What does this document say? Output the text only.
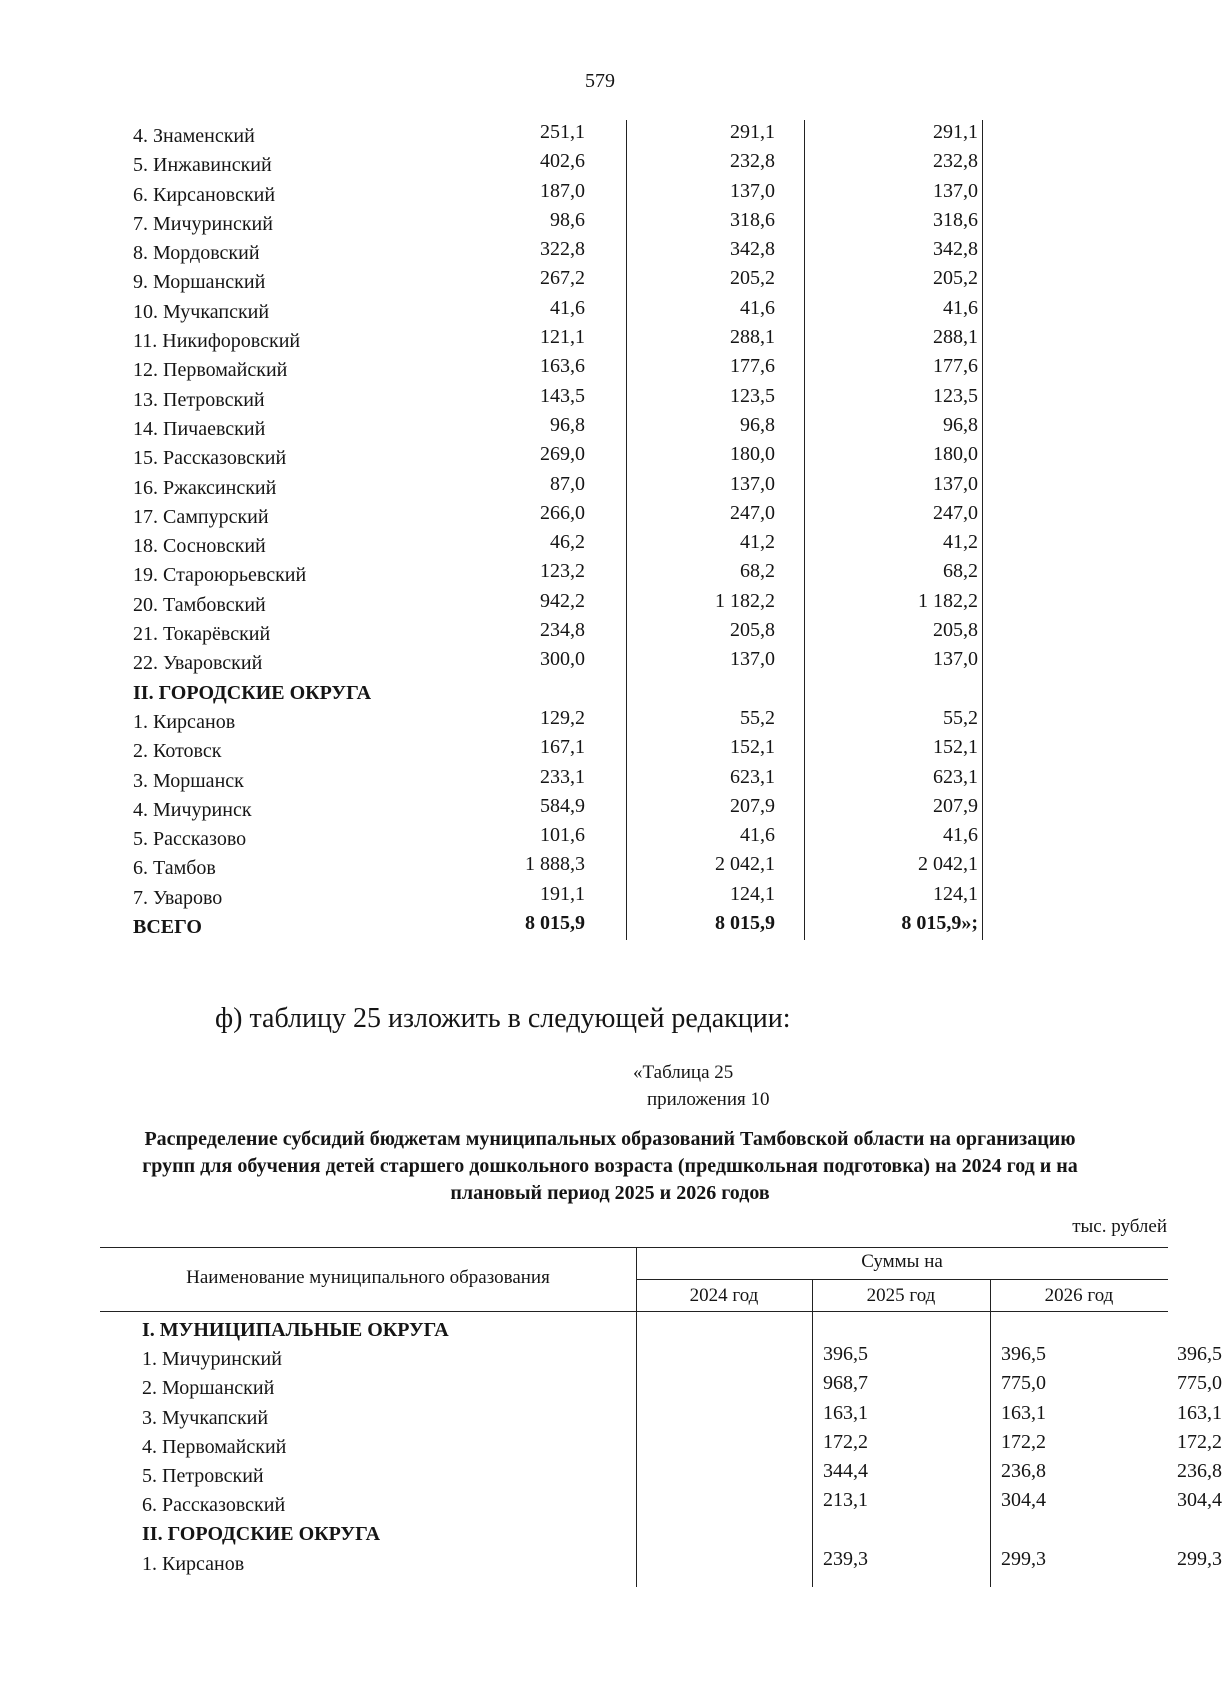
579
4. Знаменский	251,1	291,1	291,1
5. Инжавинский	402,6	232,8	232,8
6. Кирсановский	187,0	137,0	137,0
7. Мичуринский	98,6	318,6	318,6
8. Мордовский	322,8	342,8	342,8
9. Моршанский	267,2	205,2	205,2
10. Мучкапский	41,6	41,6	41,6
11. Никифоровский	121,1	288,1	288,1
12. Первомайский	163,6	177,6	177,6
13. Петровский	143,5	123,5	123,5
14. Пичаевский	96,8	96,8	96,8
15. Рассказовский	269,0	180,0	180,0
16. Ржаксинский	87,0	137,0	137,0
17. Сампурский	266,0	247,0	247,0
18. Сосновский	46,2	41,2	41,2
19. Староюрьевский	123,2	68,2	68,2
20. Тамбовский	942,2	1 182,2	1 182,2
21. Токарёвский	234,8	205,8	205,8
22. Уваровский	300,0	137,0	137,0
II. ГОРОДСКИЕ ОКРУГА
1. Кирсанов	129,2	55,2	55,2
2. Котовск	167,1	152,1	152,1
3. Моршанск	233,1	623,1	623,1
4. Мичуринск	584,9	207,9	207,9
5. Рассказово	101,6	41,6	41,6
6. Тамбов	1 888,3	2 042,1	2 042,1
7. Уварово	191,1	124,1	124,1
ВСЕГО	8 015,9	8 015,9	8 015,9»;
ф) таблицу 25 изложить в следующей редакции:
«Таблица 25
приложения 10
Распределение субсидий бюджетам муниципальных образований Тамбовской области на организацию групп для обучения детей старшего дошкольного возраста (предшкольная подготовка) на 2024 год и на плановый период 2025 и 2026 годов
тыс. рублей
Наименование муниципального образования
Суммы на
2024 год	2025 год	2026 год
I. МУНИЦИПАЛЬНЫЕ ОКРУГА
1. Мичуринский	396,5	396,5	396,5
2. Моршанский	968,7	775,0	775,0
3. Мучкапский	163,1	163,1	163,1
4. Первомайский	172,2	172,2	172,2
5. Петровский	344,4	236,8	236,8
6. Рассказовский	213,1	304,4	304,4
II. ГОРОДСКИЕ ОКРУГА
1. Кирсанов	239,3	299,3	299,3
